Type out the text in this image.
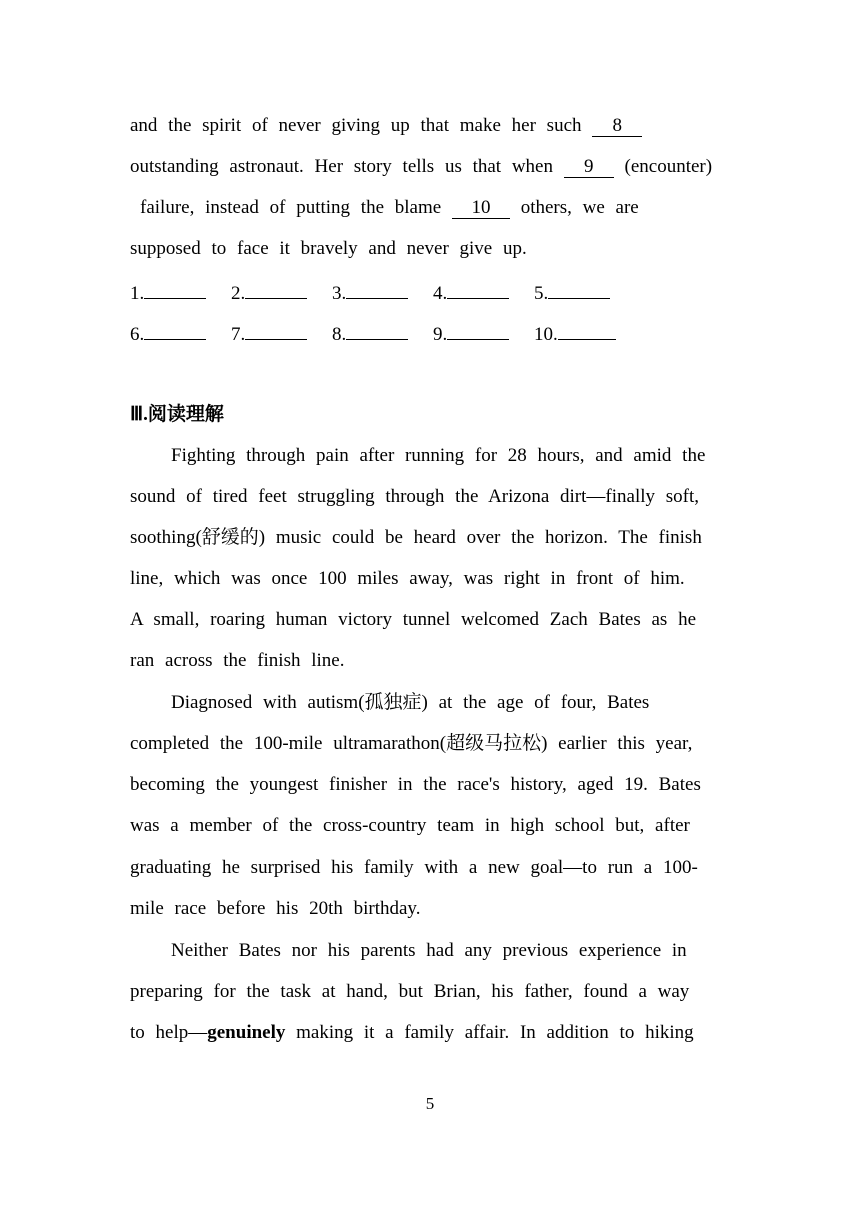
and the spirit of never giving up that make her such 8
outstanding astronaut. Her story tells us that when 9 (encounter)
failure, instead of putting the blame 10 others, we are
supposed to face it bravely and never give up.
1.	2.	3.	4.	5.
6.	7.	8.	9.	10.
Ⅲ.阅读理解
Fighting through pain after running for 28 hours, and amid the
sound of tired feet struggling through the Arizona dirt—finally soft,
soothing(舒缓的) music could be heard over the horizon. The finish
line, which was once 100 miles away, was right in front of him.
A small, roaring human victory tunnel welcomed Zach Bates as he
ran across the finish line.
Diagnosed with autism(孤独症) at the age of four, Bates
completed the 100-mile ultramarathon(超级马拉松) earlier this year,
becoming the youngest finisher in the race's history, aged 19. Bates
was a member of the cross-country team in high school but, after
graduating he surprised his family with a new goal—to run a 100-
mile race before his 20th birthday.
Neither Bates nor his parents had any previous experience in
preparing for the task at hand, but Brian, his father, found a way
to help—genuinely making it a family affair. In addition to hiking
5
